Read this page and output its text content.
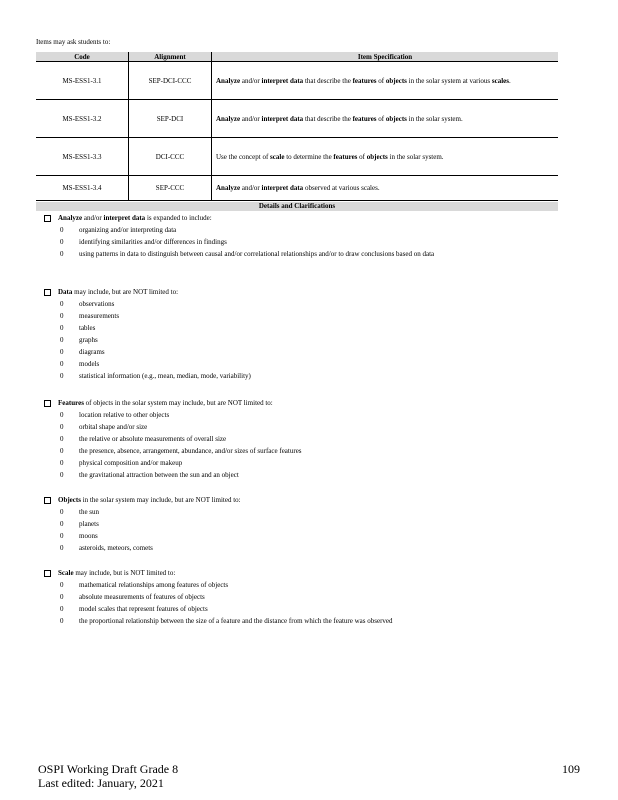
Items may ask students to:
Code	Alignment	Item Specification
MS-ESS1-3.1	SEP-DCI-CCC	Analyze and/or interpret data that describe the features of objects in the solar system at various scales.
MS-ESS1-3.2	SEP-DCI	Analyze and/or interpret data that describe the features of objects in the solar system.
MS-ESS1-3.3	DCI-CCC	Use the concept of scale to determine the features of objects in the solar system.
MS-ESS1-3.4	SEP-CCC	Analyze and/or interpret data observed at various scales.
Details and Clarifications
Analyze and/or interpret data is expanded to include:
0 organizing and/or interpreting data
0 identifying similarities and/or differences in findings
0 using patterns in data to distinguish between causal and/or correlational relationships and/or to draw conclusions based on data
Data may include, but are NOT limited to:
0 observations
0 measurements
0 tables
0 graphs
0 diagrams
0 models
0 statistical information (e.g., mean, median, mode, variability)
Features of objects in the solar system may include, but are NOT limited to:
0 location relative to other objects
0 orbital shape and/or size
0 the relative or absolute measurements of overall size
0 the presence, absence, arrangement, abundance, and/or sizes of surface features
0 physical composition and/or makeup
0 the gravitational attraction between the sun and an object
Objects in the solar system may include, but are NOT limited to:
0 the sun
0 planets
0 moons
0 asteroids, meteors, comets
Scale may include, but is NOT limited to:
0 mathematical relationships among features of objects
0 absolute measurements of features of objects
0 model scales that represent features of objects
0 the proportional relationship between the size of a feature and the distance from which the feature was observed
OSPI Working Draft Grade 8
Last edited: January, 2021
109
